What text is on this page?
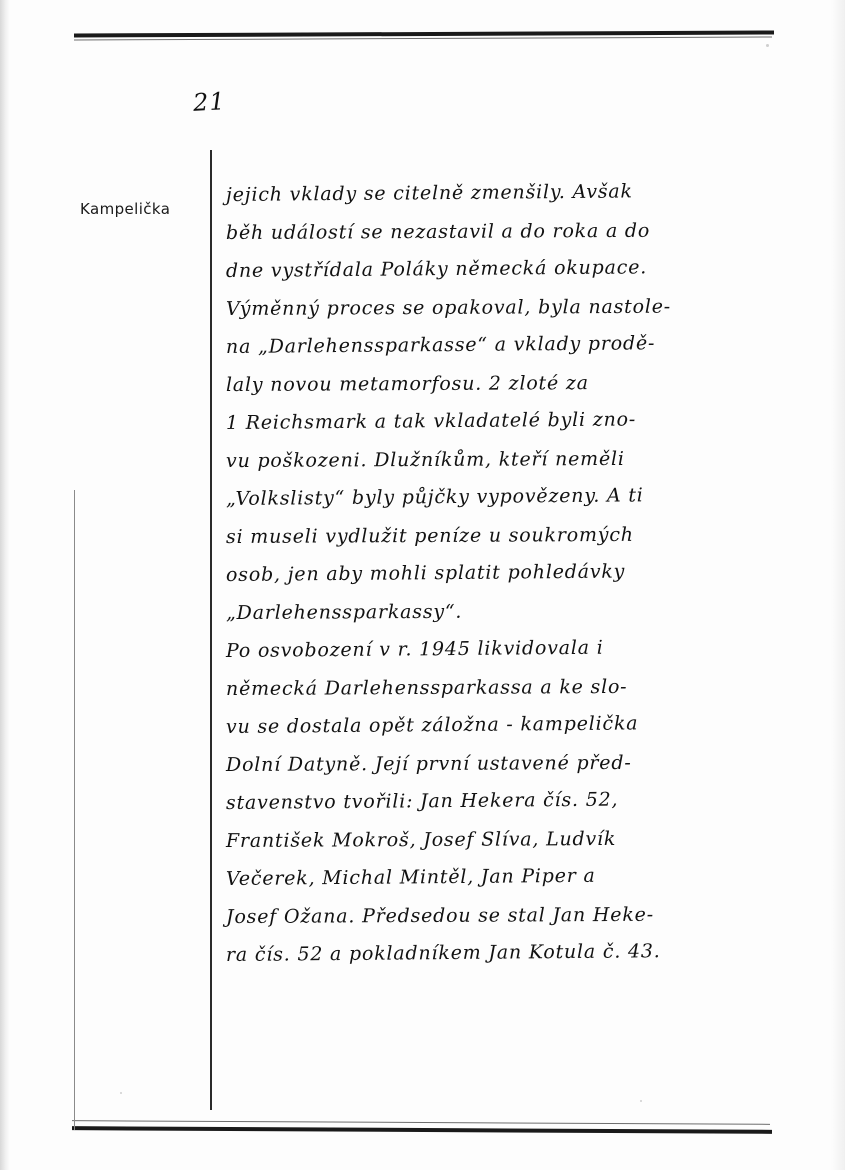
21
Kampelička
jejich vklady se citelně zmenšily. Avšak
běh událostí se nezastavil a do roka a do
dne vystřídala Poláky německá okupace.
Výměnný proces se opakoval, byla nastole-
na „Darlehenssparkasse“ a vklady prodě-
laly novou metamorfosu. 2 zloté za
1 Reichsmark a tak vkladatelé byli zno-
vu poškozeni. Dlužníkům, kteří neměli
„Volkslisty“ byly půjčky vypovězeny. A ti
si museli vydlužit peníze u soukromých
osob, jen aby mohli splatit pohledávky
„Darlehenssparkassy“.
Po osvobození v r. 1945 likvidovala i
německá Darlehenssparkassa a ke slo-
vu se dostala opět záložna - kampelička
Dolní Datyně. Její první ustavené před-
stavenstvo tvořili: Jan Hekera čís. 52,
František Mokroš, Josef Slíva, Ludvík
Večerek, Michal Mintěl, Jan Piper a
Josef Ožana. Předsedou se stal Jan Heke-
ra čís. 52 a pokladníkem Jan Kotula č. 43.
